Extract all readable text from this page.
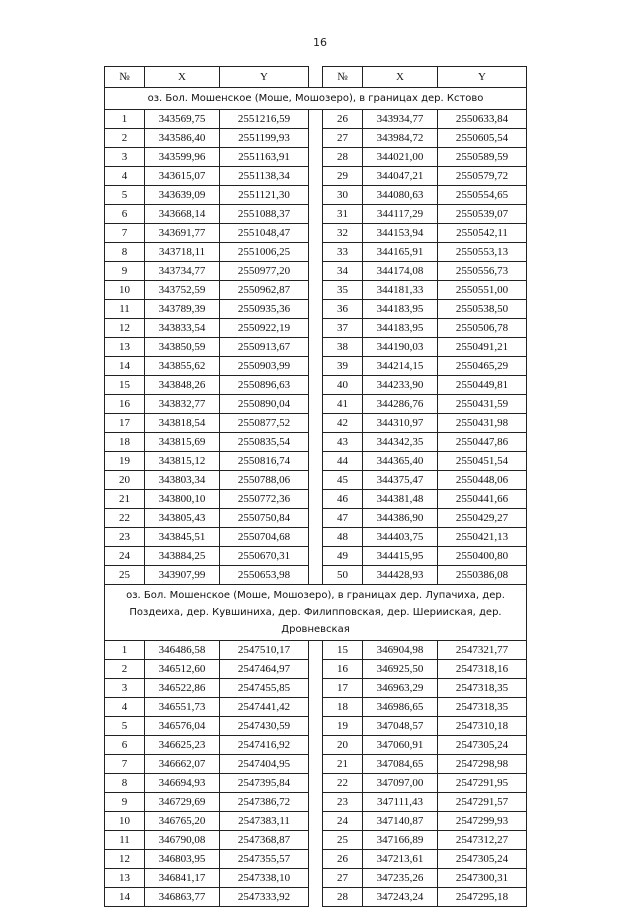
16
№	X	Y		№	X	Y	
оз. Бол. Мошенское (Моше, Мошозеро), в границах дер. Кстово							
1	343569,75	2551216,59		26	343934,77	2550633,84	
2	343586,40	2551199,93		27	343984,72	2550605,54	
3	343599,96	2551163,91		28	344021,00	2550589,59	
4	343615,07	2551138,34		29	344047,21	2550579,72	
5	343639,09	2551121,30		30	344080,63	2550554,65	
6	343668,14	2551088,37		31	344117,29	2550539,07	
7	343691,77	2551048,47		32	344153,94	2550542,11	
8	343718,11	2551006,25		33	344165,91	2550553,13	
9	343734,77	2550977,20		34	344174,08	2550556,73	
10	343752,59	2550962,87		35	344181,33	2550551,00	
11	343789,39	2550935,36		36	344183,95	2550538,50	
12	343833,54	2550922,19		37	344183,95	2550506,78	
13	343850,59	2550913,67		38	344190,03	2550491,21	
14	343855,62	2550903,99		39	344214,15	2550465,29	
15	343848,26	2550896,63		40	344233,90	2550449,81	
16	343832,77	2550890,04		41	344286,76	2550431,59	
17	343818,54	2550877,52		42	344310,97	2550431,98	
18	343815,69	2550835,54		43	344342,35	2550447,86	
19	343815,12	2550816,74		44	344365,40	2550451,54	
20	343803,34	2550788,06		45	344375,47	2550448,06	
21	343800,10	2550772,36		46	344381,48	2550441,66	
22	343805,43	2550750,84		47	344386,90	2550429,27	
23	343845,51	2550704,68		48	344403,75	2550421,13	
24	343884,25	2550670,31		49	344415,95	2550400,80	
25	343907,99	2550653,98		50	344428,93	2550386,08	
оз. Бол. Мошенское (Моше, Мошозеро), в границах дер. Лупачиха, дер. Поздеиха, дер. Кувшиниха, дер. Филипповская, дер. Шерииская, дер. Дровневская							
1	346486,58	2547510,17		15	346904,98	2547321,77	
2	346512,60	2547464,97		16	346925,50	2547318,16	
3	346522,86	2547455,85		17	346963,29	2547318,35	
4	346551,73	2547441,42		18	346986,65	2547318,35	
5	346576,04	2547430,59		19	347048,57	2547310,18	
6	346625,23	2547416,92		20	347060,91	2547305,24	
7	346662,07	2547404,95		21	347084,65	2547298,98	
8	346694,93	2547395,84		22	347097,00	2547291,95	
9	346729,69	2547386,72		23	347111,43	2547291,57	
10	346765,20	2547383,11		24	347140,87	2547299,93	
11	346790,08	2547368,87		25	347166,89	2547312,27	
12	346803,95	2547355,57		26	347213,61	2547305,24	
13	346841,17	2547338,10		27	347235,26	2547300,31	
14	346863,77	2547333,92		28	347243,24	2547295,18	
